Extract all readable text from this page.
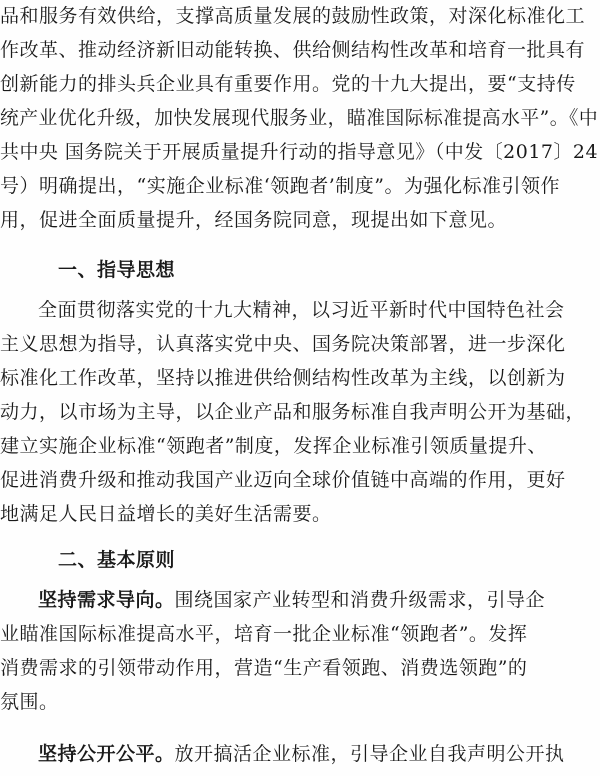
品和服务有效供给，支撑高质量发展的鼓励性政策，对深化标准化工
作改革、推动经济新旧动能转换、供给侧结构性改革和培育一批具有
创新能力的排头兵企业具有重要作用。党的十九大提出，要“支持传
统产业优化升级，加快发展现代服务业，瞄准国际标准提高水平”。《中
共中央 国务院关于开展质量提升行动的指导意见》（中发〔2017〕24
号）明确提出，“实施企业标准‘领跑者’制度”。为强化标准引领作
用，促进全面质量提升，经国务院同意，现提出如下意见。
一、指导思想
全面贯彻落实党的十九大精神，以习近平新时代中国特色社会
主义思想为指导，认真落实党中央、国务院决策部署，进一步深化
标准化工作改革，坚持以推进供给侧结构性改革为主线，以创新为
动力，以市场为主导，以企业产品和服务标准自我声明公开为基础，
建立实施企业标准“领跑者”制度，发挥企业标准引领质量提升、
促进消费升级和推动我国产业迈向全球价值链中高端的作用，更好
地满足人民日益增长的美好生活需要。
二、基本原则
坚持需求导向。围绕国家产业转型和消费升级需求，引导企
业瞄准国际标准提高水平，培育一批企业标准“领跑者”。发挥
消费需求的引领带动作用，营造“生产看领跑、消费选领跑”的
氛围。
坚持公开公平。放开搞活企业标准，引导企业自我声明公开执
